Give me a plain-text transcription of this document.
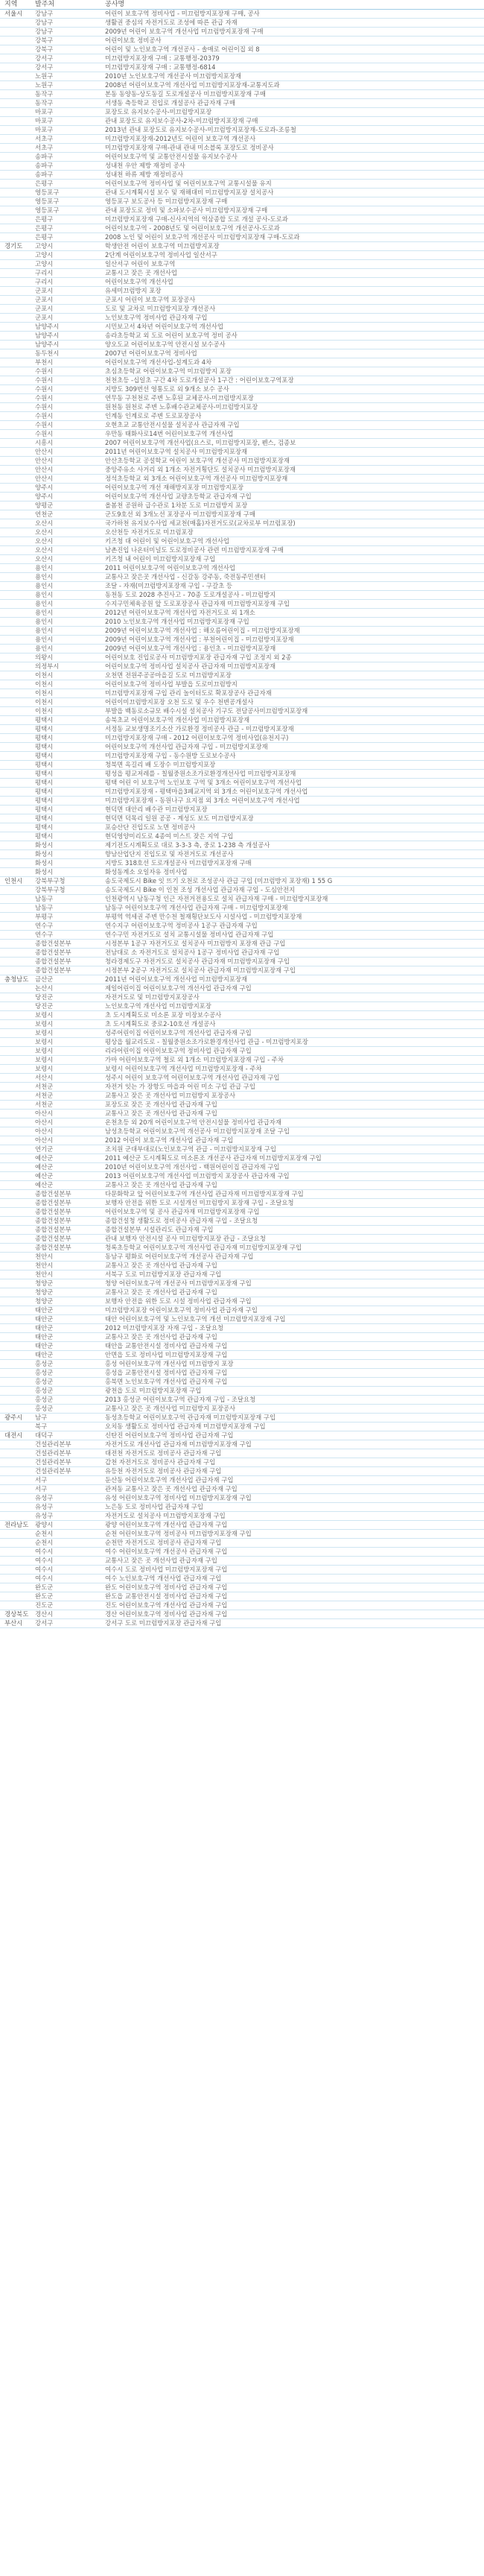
지역	발주처	공사명
서울시	강남구	어린이 보호구역 정비사업 - 미끄럼방지포장재 구매, 공사
	강남구	생활권 중심의 자전거도로 조성에 따른 관급 자재
	강남구	2009년 어린이 보호구역 개선사업 미끄럼방지포장재 구매
	강북구	어린이보호 정비공사
	강북구	어린이 및 노인보호구역 개선공사 - 솔매로 어린이집 외 8
	강서구	미끄럼방지포장재 구매 : 교통행정-20379
	강서구	미끄럼방지포장재 구매 : 교통행정-6814
	노원구	2010년 노인보호구역 개선공사 미끄럼방지포장재
	노원구	2008년 어린이보호구역 개선사업 미끄럼방지포장재-교통지도과
	동작구	본동 동양동-상도동길 도로개설공사 미끄럼방지포장재 구매
	동작구	서생동 측등학교 진입로 개설공사 관급자재 구매
	마포구	포장도로 유지보수공사-미끄럼방지포장
	마포구	관내 포장도로 유지보수공사-2차-미끄럼방지포장재 구매
	마포구	2013년 관내 포장도로 유지보수공사-미끄럼방지포장재-도로과-조릉철
	서초구	미끄럼방지포장재-2012년도 어린이 보호구역 개선공사
	서초구	미끄럼방지포장재 구매-관내 관내 미소블록 포장도로 정비공사
	송파구	어린이보호구역 및 교통안전시설물 유지보수공사
	송파구	성내천 우안 제방 재정비 공사
	송파구	성내천 하류 제방 재정비공사
	은평구	어린이보호구역 정비사업 및 어린이보호구역 교통시설물 유지
	영등포구	관내 도시계획시설 보수 및 재해대비 미끄럼방지포장 설치공사
	영등포구	영등포구 보도공사 등 미끄럼방지포장재 구매
	영등포구	관내 포장도로 정비 및 소파보수공사 미끄럼방지포장재 구매
	은평구	미끄럼방지포장재 구매-신사지역의 역삼종합 도로 개설 공사-도로과
	은평구	어린이보호구역 - 2008년도 및 어린이보호구역 개선공사-도로과
	은평구	2008 노인 및 어린이 보호구역 개선공사 미끄럼방지포장재 구매-도로과
경기도	고양시	학생안전 어린이 보호구역 미끄럼방지포장
	고양시	2단계 어린이보호구역 정비사업 일산서구
	고양시	일산서구 어린이 보호구역
	구리시	교통시고 잦은 곳 개선사업
	구리시	어린이보호구역 개선사업
	군포시	유세미끄럼방지 포장
	군포시	군포시 어린이 보호구역 포장공사
	군포시	도로 및 교차로 미끄럼방지포장 개선공사
	군포시	노인보호구역 정비사업 관급자재 구입
	남양주시	시민보고서 4차년 어린이보호구역 개선사업
	남양주시	송라초등학교 외 도로 어린이 보호구역 정비 공사
	남양주시	양오도교 어린이보호구역 안전시설 보수공사
	동두천시	2007년 어린이보호구역 정비사업
	부천시	어린이보호구역 개선사업-설계도과 4차
	수원시	초심초등학교 어린이보호구역 미끄럼방지 포장
	수원시	천천초등 -십일초 구간 4차 도로개설공사 1구간 : 어린이보호구역포장
	수원시	지방도 309번선 영통도로 외 9개소 보수 공사
	수원시	연무동 구천천로 주변 노후된 교체공사-미끄럼방지포장
	수원시	원천동 원천로 주변 노후배수관교체공사-미끄럼방지포장
	수원시	인계동 인계로로 주변 도로포장공사
	수원시	오현초교 교통안전시설물 설치공사 관급자재 구입
	수원시	우만동 태화사로14번 어린이보호구역 개선사업
	시흥시	2007 어린이보호구역 개선사업(요스로, 미끄럼방지포장, 펜스, 검종보
	안산시	2011년 어린이보호구역 설치공사 미끄럼방지포장재
	안산시	안산초등학교 공설학교 어린이 보호구역 개선공사 미끄럼방지포장재
	안산시	중앙주유소 사거리 외 1개소 자전거횡단도 설치공사 미끄럼방지포장재
	안산시	정석초등학교 외 3개소 어린이보호구역 개선공사 미끄럼방지포장재
	양주시	어린이보호구역 개선 재해방지포장 미끄럼방지포장
	양주시	어린이보호구역 개선사업 교량초등학교 관급자재 구입
	양평군	올봄천 공원하 급수관로 1차분 도로 미끄럼방지 포장
	연천군	군도9호선 외 3개노선 포장공사 미끄럼방지포장재 구매
	오산시	국가하천 유지보수사업 세교천(매홀)자전거도로(교차로부 미끄럼포장)
	오산시	오산천등 자전거도로 미끄럼포장
	오산시	키즈청 대 어린이 및 어린이보호구역 개선사업
	오산시	남촌진입 나온터미널도 도로정비공사 관련 미끄럼방지포장재 구매
	오산시	키즈청 내 어린이 미끄럼방지포장재 구입
	용인시	2011 어린이보호구역 어린이보호구역 개선사업
	용인시	교통사고 잦은곳 개선사업 - 신갈동 강주동, 죽전동주민센터
	용인시	조달 - 자재(미끄럼방지포장재 구입 - 구갈초 등
	용인시	동천동 도로 2028 추진사고 - 70종 도로개설공사 - 미끄럼방지
	용인시	수지구민체육공원 앞 도로포장공사 관급자재 미끄럼방지포장재 구입
	용인시	2012년 어린이보호구역 개선사업 자전거도로 외 1개소
	용인시	2010 노인보호구역 개선사업 미끄럼방지포장재 구입
	용인시	2009년 어린이보호구역 개선사업 : 해오름어린이집 - 미끄럼방지포장재
	용인시	2009년 어린이보호구역 개선사업 : 부천어린이집 - 미끄럼방지포장재
	용인시	2009년 어린이보호구역 개선사업 : 용인초 - 미끄럼방지포장재
	의왕시	어린이보호 진입로공사 미끄럼방지포장 관급자재 구입 조정지 외 2종
	의정부시	어린이보호구역 정비사업 설치공사 관급자재 미끄럼방지포장재
	이천시	오천면 전원주공공마을길 도로 미끄럼방지포장
	이천시	어린이보호구역 정비사업 부발읍 도로미끄럼방지
	이천시	미끄럼방지포장재 구입 관리 놀이터도로 확포장공사 관급자재
	이천시	어린이미끄럼방지포장 오천 도로 및 우수 천변공개설사
	이천시	부발읍 백동로소규모 배수시설 설치공사 기구도 전담공사미끄럼방지포장재
	평택시	송북초교 어린이보호구역 개선사업 미끄럼방지포장재
	평택시	서정동 교보생명조기소산 가로환경 정비공사 관급 - 미끄럼방지포장재
	평택시	미끄럼방지포장재 구매 - 2012 어린이보호구역 정비사업(유천지구)
	평택시	어린이보호구역 개선사업 관급자재 구입 - 미끄럼방지포장재
	평택시	미끄럼방지포장재 구입 - 동수원방 도로보수공사
	평택시	청북면 옥길리 배 도장수 미끄럼방지포장
	평택시	평성읍 평교저레를 - 칠월중원소조가로환경개선사업 미끄럼방지포장재
	평택시	평택 어린 이 보호구역 노인보호 구역 및 3개소 어린이보호구역 개선사업
	평택시	미끄럼방지포장재 - 평택마을3폐교지역 외 3개소 어린이보호구역 개선사업
	평택시	미끄럼방지포장재 - 동원나구 요지점 외 3개소 어린이보호구역 개선사업
	평택시	현덕면 대안리 배수관 미끄럼방지포장
	평택시	현덕면 덕목리 일원 공공 - 계성도 보도 미끄럼방지포장
	평택시	포승산단 진입도로 노면 정비공사
	평택시	현덕영양미리도로 4종여 미스트 잦은 지역 구입
	화성시	제기전도시계획도로 대로 3-3-3 측, 중로 1-238 측 개설공사
	화성시	향남산업단지 진입도로 및 자전거도로 개선공사
	화성시	지방도 318호선 도로개설공사 미끄럼방지포장재 구매
	화성시	화성동계소 오일자유 정비사업
인천시	강북부구청	송도국제도시 Bike 잇 뜨기 오천로 조성공사 관급 구입 (미끄럼방지 포장재) 1 55 G
	강북부구청	송도국제도시 Bike 이 인천 조성 개선사업 관급자재 구입 - 도심안전지
	남동구	인천광역시 남동구청 인근 자전거전용도로 설치 관급자재 구매 - 미끄럼방지포장재
	남동구	남동구 어린이보호구역 개선사업 관급자재 구매 - 미끄럼방지포장재
	부평구	부평역 역세권 주변 만수천 철재횡단보도사 시설사업 - 미끄럼방지포장재
	연수구	연수지구 어린이보호구역 정비공사 1공구 관급자재 구입
	연수구	연수구민 자전거도로 설치 교통시설물 정비사업 관급자재 구입
	종합건설본부	시정본부 1공구 자전거도로 설치공사 미끄럼방지 포장재 관급 구입
	종합건설본부	전남대로 소 자전거도로 설치공사 1공구 정비사업 관급자재 구입
	종합건설본부	청라경제도구 자전거도로 설치공사 관급자재 미끄럼방지포장재 구입
	종합건설본부	시정본부 2공구 자전거도로 설치공사 관급자재 미끄럼방지포장재 구입
충청남도	금산군	2011년 어린이보호구역 개선사업 미끄럼방지포장재
	논산시	제일어린이집 어린이보호구역 개선사업 관급자재 구입
	당진군	자전거도로 및 미끄럼방지포장공사
	당진군	노인보호구역 개선사업 미끄럼방지포장
	보령시	초 도시계획도로 미소론 포장 미장보수공사
	보령시	초 도시계획도로 중로2-10호선 개설공사
	보령시	성주어린이집 어린이보호구역 개선사업 관급자재 구입
	보령시	평상읍 월교리도로 - 칠월중원소조가로환경개선사업 관급 - 미끄럼방지포장
	보령시	리라어린이집 어린이보호구역 정비사업 관급자재 구입
	보령시	가마 어린이보호구역 철로 외 1개소 미끄럼방지포장재 구입 - 주차
	보령시	보령시 어린이보호구역 개선사업 미끄럼방지포장재 - 주차
	서산시	성주시 어린이 보호구역 어린이보호구역 개선사업 관급자재 구입
	서천군	자전거 잇는 가 장항도 마을과 어린 미소 구입 관급 구입
	서천군	교통사고 잦은 곳 개선사업 미끄럼방지 포장공사
	서천군	포장도로 잦은 곳 개선사업 관급자재 구입
	아산시	교통사고 잦은 곳 개선사업 관급자재 구입
	아산시	온천초등 외 20개 어린이보호구역 안전시설물 정비사업 관급자재
	아산시	남성초등학교 어린이보호구역 개선공사 미끄럼방지포장재 조달 구입
	아산시	2012 어린이 보호구역 개선사업 관급자재 구입
	연기군	조치원 군대부대로(노인보호구역 관급 - 미끄럼방지포장재 구입
	예산군	2011 예산군 도시계획도로 미소론조 개선공사 관급자재 미끄럼방지포장재 구입
	예산군	2010년 어린이보호구역 개선사업 - 백원어린이집 관급자재 구입
	예산군	2013 어린이보호구역 개선사업 미끄럼방지 포장공사 관급자재 구입
	예산군	교통사고 잦은 곳 개선사업 관급자재 구입
	종합건설본부	다문화학교 앞 어린이보호구역 개선사업 관급자재 미끄럼방지포장재 구입
	종합건설본부	보행자 안전을 위한 도로 시설개선 미끄럼방지 포장재 구입 - 조달요청
	종합건설본부	어린이보호구역 및 공사 관급자재 미끄럼방지포장재 구입
	종합건설본부	종합건설청 생활도로 정비공사 관급자재 구입 - 조달요청
	종합건설본부	종합건설본부 시설관리도 관급자재 구입
	종합건설본부	관내 보행자 안전시설 공사 미끄럼방지포장 관급 - 조달요청
	종합건설본부	청록초등학교 어린이보호구역 개선사업 관급자재 미끄럼방지포장재 구입
	천안시	동남구 평화로 어린이보호구역 개선공사 관급자재 구입
	천안시	교통사고 잦은 곳 개선사업 관급자재 구입
	천안시	서북구 도로 미끄럼방지포장 관급자재 구입
	청양군	청양 어린이보호구역 개선공사 미끄럼방지포장재 구입
	청양군	교통사고 잦은 곳 개선사업 관급자재 구입
	청양군	보행자 안전을 위한 도로 시설 정비사업 관급자재 구입
	태안군	미끄럼방지포장 어린이보호구역 정비사업 관급자재 구입
	태안군	태안 어린이보호구역 및 노인보호구역 개선 미끄럼방지포장재 구입
	태안군	2012 미끄럼방지포장 자재 구입 - 조달요청
	태안군	교통사고 잦은 곳 개선사업 관급자재 구입
	태안군	태안읍 교통안전시설 정비사업 관급자재 구입
	태안군	안면읍 도로 정비사업 미끄럼방지포장재 구입
	홍성군	홍성 어린이보호구역 개선사업 미끄럼방지 포장
	홍성군	홍성읍 교통안전시설 정비사업 관급자재 구입
	홍성군	홍북면 노인보호구역 개선사업 관급자재 구입
	홍성군	광천읍 도로 미끄럼방지포장재 구입
	홍성군	2013 홍성군 어린이보호구역 관급자재 구입 - 조달요청
	홍성군	교통사고 잦은 곳 개선사업 미끄럼방지 포장공사
광주시	남구	동성초등학교 어린이보호구역 관급자재 미끄럼방지포장재 구입
	북구	오치동 생활도로 정비사업 관급자재 미끄럼방지포장재 구입
대전시	대덕구	신탄진 어린이보호구역 정비사업 관급자재 구입
	건설관리본부	자전거도로 개선사업 관급자재 미끄럼방지포장재 구입
	건설관리본부	대전천 자전거도로 정비공사 관급자재 구입
	건설관리본부	갑천 자전거도로 정비공사 관급자재 구입
	건설관리본부	유등천 자전거도로 정비공사 관급자재 구입
	서구	둔산동 어린이보호구역 개선사업 관급자재 구입
	서구	관저동 교통사고 잦은 곳 개선사업 관급자재 구입
	유성구	유성 어린이보호구역 정비사업 미끄럼방지포장재 구입
	유성구	노은동 도로 정비사업 관급자재 구입
	유성구	자전거도로 설치공사 미끄럼방지포장재 구입
전라남도	광양시	광양 어린이보호구역 개선사업 관급자재 구입
	순천시	순천 어린이보호구역 정비공사 미끄럼방지포장재 구입
	순천시	순천만 자전거도로 정비공사 관급자재 구입
	여수시	여수 어린이보호구역 개선공사 관급자재 구입
	여수시	교통사고 잦은 곳 개선사업 관급자재 구입
	여수시	여수시 도로 정비사업 미끄럼방지포장재 구입
	여수시	여수 노인보호구역 개선사업 관급자재 구입
	완도군	완도 어린이보호구역 정비사업 관급자재 구입
	완도군	완도읍 교통안전시설 정비사업 관급자재 구입
	진도군	진도 어린이보호구역 개선사업 관급자재 구입
경상북도	경산시	경산 어린이보호구역 정비사업 관급자재 구입
부산시	강서구	강서구 도로 미끄럼방지포장 관급자재 구입
